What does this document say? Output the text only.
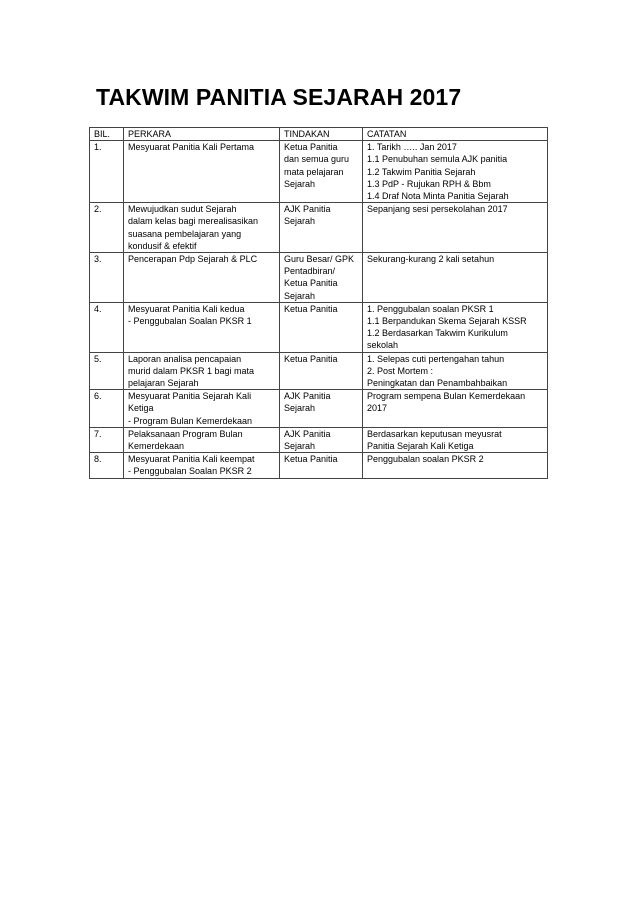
TAKWIM PANITIA SEJARAH 2017
BIL.	PERKARA	TINDAKAN	CATATAN
1.	Mesyuarat Panitia Kali Pertama	Ketua Panitia
dan semua guru
mata pelajaran
Sejarah	1. Tarikh ….. Jan 2017
1.1 Penubuhan semula AJK panitia
1.2 Takwim Panitia Sejarah
1.3 PdP - Rujukan RPH & Bbm
1.4 Draf Nota Minta Panitia Sejarah

2.	Mewujudkan sudut Sejarah
dalam kelas bagi merealisasikan
suasana pembelajaran yang
kondusif & efektif	AJK Panitia
Sejarah	Sepanjang sesi persekolahan 2017

3.	Pencerapan Pdp Sejarah & PLC	Guru Besar/ GPK
Pentadbiran/
Ketua Panitia
Sejarah	Sekurang-kurang 2 kali setahun

4.	Mesyuarat Panitia Kali kedua
- Penggubalan Soalan PKSR 1	Ketua Panitia	1. Penggubalan soalan PKSR 1
1.1 Berpandukan Skema Sejarah KSSR
1.2 Berdasarkan Takwim Kurikulum
sekolah

5.	Laporan analisa pencapaian
murid dalam PKSR 1 bagi mata
pelajaran Sejarah	Ketua Panitia	1. Selepas cuti pertengahan tahun
2. Post Mortem :
Peningkatan dan Penambahbaikan

6.	Mesyuarat Panitia Sejarah Kali
Ketiga
- Program Bulan Kemerdekaan	AJK Panitia
Sejarah	Program sempena Bulan Kemerdekaan
2017

7.	Pelaksanaan Program Bulan
Kemerdekaan	AJK Panitia
Sejarah	Berdasarkan keputusan meyusrat
Panitia Sejarah Kali Ketiga

8.	Mesyuarat Panitia Kali keempat
- Penggubalan Soalan PKSR 2	Ketua Panitia	Penggubalan soalan PKSR 2
